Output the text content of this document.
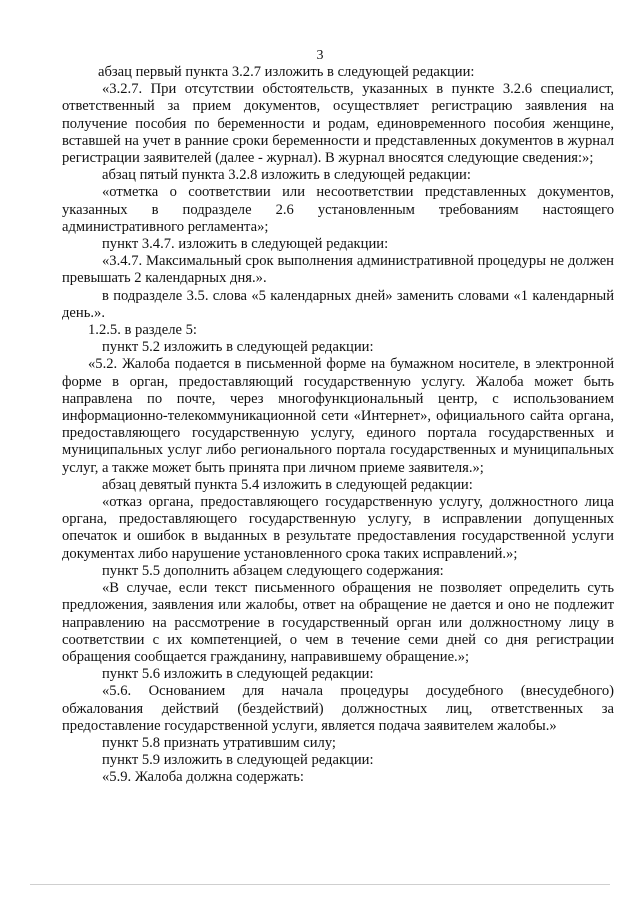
3

абзац первый пункта 3.2.7 изложить в следующей редакции:

«3.2.7. При отсутствии обстоятельств, указанных в пункте 3.2.6 специалист, ответственный за прием документов, осуществляет регистрацию заявления на получение пособия по беременности и родам, единовременного пособия женщине, вставшей на учет в ранние сроки беременности и представленных документов в журнал регистрации заявителей (далее - журнал). В журнал вносятся следующие сведения:»;

абзац пятый пункта 3.2.8 изложить в следующей редакции:

«отметка о соответствии или несоответствии представленных документов, указанных в подразделе 2.6 установленным требованиям настоящего административного регламента»;

пункт 3.4.7. изложить в следующей редакции:

«3.4.7. Максимальный срок выполнения административной процедуры не должен превышать 2 календарных дня.».

в подразделе 3.5. слова «5 календарных дней» заменить словами «1 календарный день.».

1.2.5. в разделе 5:

пункт 5.2 изложить в следующей редакции:

«5.2. Жалоба подается в письменной форме на бумажном носителе, в электронной форме в орган, предоставляющий государственную услугу. Жалоба может быть направлена по почте, через многофункциональный центр, с использованием информационно-телекоммуникационной сети «Интернет», официального сайта органа, предоставляющего государственную услугу, единого портала государственных и муниципальных услуг либо регионального портала государственных и муниципальных услуг, а также может быть принята при личном приеме заявителя.»;

абзац девятый пункта 5.4 изложить в следующей редакции:

«отказ органа, предоставляющего государственную услугу, должностного лица органа, предоставляющего государственную услугу, в исправлении допущенных опечаток и ошибок в выданных в результате предоставления государственной услуги документах либо нарушение установленного срока таких исправлений.»;

пункт 5.5 дополнить абзацем следующего содержания:

«В случае, если текст письменного обращения не позволяет определить суть предложения, заявления или жалобы, ответ на обращение не дается и оно не подлежит направлению на рассмотрение в государственный орган или должностному лицу в соответствии с их компетенцией, о чем в течение семи дней со дня регистрации обращения сообщается гражданину, направившему обращение.»;

пункт 5.6 изложить в следующей редакции:

«5.6. Основанием для начала процедуры досудебного (внесудебного) обжалования действий (бездействий) должностных лиц, ответственных за предоставление государственной услуги, является подача заявителем жалобы.»

пункт 5.8 признать утратившим силу;

пункт 5.9 изложить в следующей редакции:

«5.9. Жалоба должна содержать:
